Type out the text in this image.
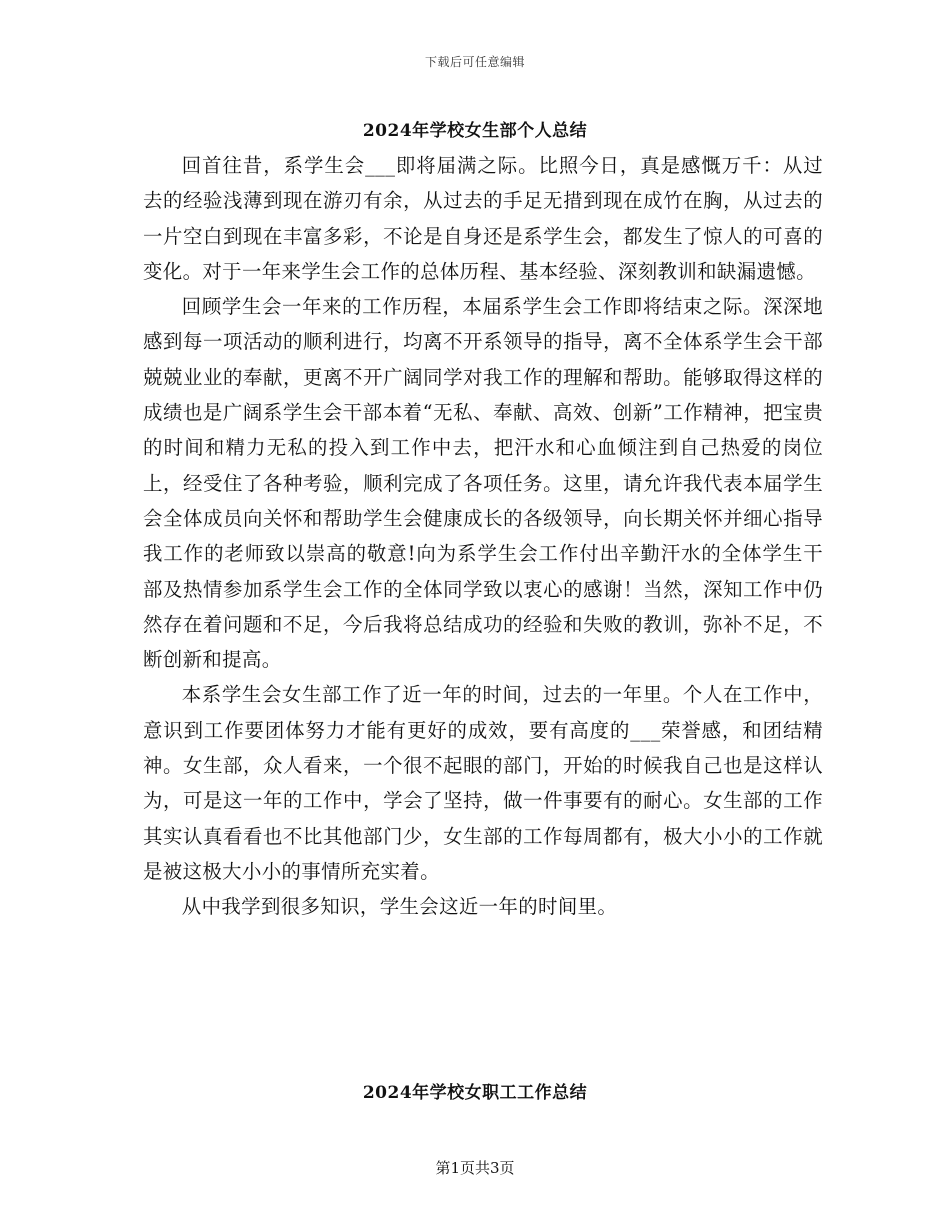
下载后可任意编辑
2024年学校女生部个人总结

回首往昔，系学生会___即将届满之际。比照今日，真是感慨万千：从过去的经验浅薄到现在游刃有余，从过去的手足无措到现在成竹在胸，从过去的一片空白到现在丰富多彩，不论是自身还是系学生会，都发生了惊人的可喜的变化。对于一年来学生会工作的总体历程、基本经验、深刻教训和缺漏遗憾。

回顾学生会一年来的工作历程，本届系学生会工作即将结束之际。深深地感到每一项活动的顺利进行，均离不开系领导的指导，离不全体系学生会干部兢兢业业的奉献，更离不开广阔同学对我工作的理解和帮助。能够取得这样的成绩也是广阔系学生会干部本着“无私、奉献、高效、创新”工作精神，把宝贵的时间和精力无私的投入到工作中去，把汗水和心血倾注到自己热爱的岗位上，经受住了各种考验，顺利完成了各项任务。这里，请允许我代表本届学生会全体成员向关怀和帮助学生会健康成长的各级领导，向长期关怀并细心指导我工作的老师致以崇高的敬意!向为系学生会工作付出辛勤汗水的全体学生干部及热情参加系学生会工作的全体同学致以衷心的感谢！当然，深知工作中仍然存在着问题和不足，今后我将总结成功的经验和失败的教训，弥补不足，不断创新和提高。

本系学生会女生部工作了近一年的时间，过去的一年里。个人在工作中，意识到工作要团体努力才能有更好的成效，要有高度的___荣誉感，和团结精神。女生部，众人看来，一个很不起眼的部门，开始的时候我自己也是这样认为，可是这一年的工作中，学会了坚持，做一件事要有的耐心。女生部的工作其实认真看看也不比其他部门少，女生部的工作每周都有，极大小小的工作就是被这极大小小的事情所充实着。

从中我学到很多知识，学生会这近一年的时间里。

2024年学校女职工工作总结
第1页共3页
